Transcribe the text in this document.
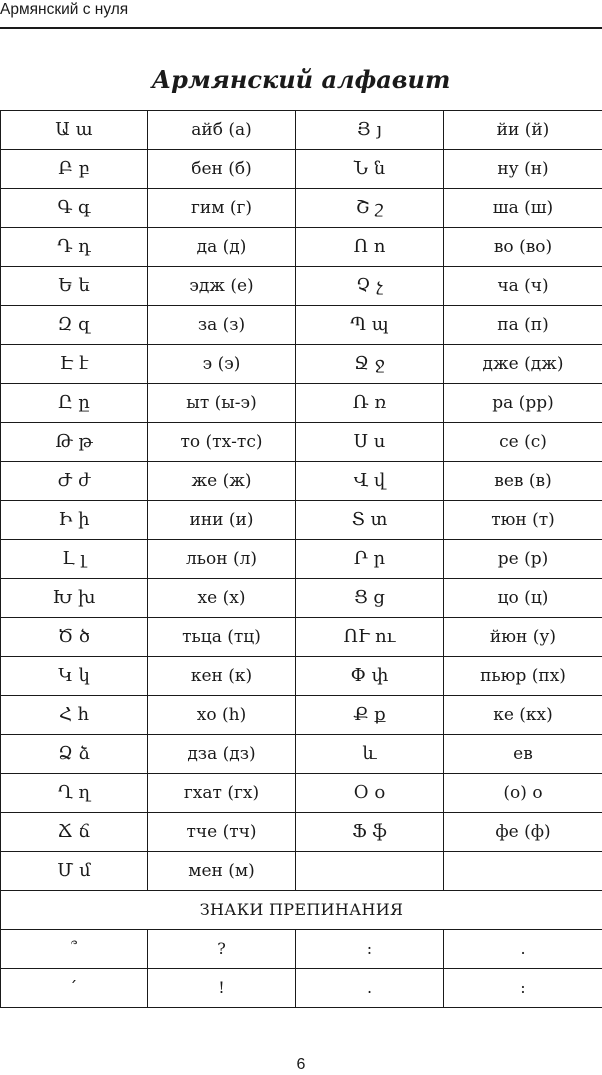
Армянский с нуля
Армянский алфавит
Ա ա	айб (а)	Յ յ	йи (й)
Բ բ	бен (б)	Ն ն	ну (н)
Գ գ	гим (г)	Շ շ	ша (ш)
Դ դ	да (д)	Ո ո	во (во)
Ե ե	эдж (е)	Չ չ	ча (ч)
Զ զ	за (з)	Պ պ	па (п)
Է է	э (э)	Ջ ջ	дже (дж)
Ը ը	ыт (ы-э)	Ռ ռ	ра (рр)
Թ թ	то (тх-тс)	Ս ս	се (с)
Ժ ժ	же (ж)	Վ վ	вев (в)
Ի ի	ини (и)	Տ տ	тюн (т)
Լ լ	льон (л)	Ր ր	ре (р)
Խ խ	хе (х)	Ց ց	цо (ц)
Ծ ծ	тьца (тц)	ՈՒ ու	йюн (у)
Կ կ	кен (к)	Փ փ	пьюр (пх)
Հ հ	хо (h)	Ք ք	ке (кх)
Ձ ձ	дза (дз)	և	ев
Ղ ղ	гхат (гх)	Օ օ	(о) о
Ճ ճ	тче (тч)	Ֆ ֆ	фе (ф)
Մ մ	мен (м)		
ЗНАКИ ПРЕПИНАНИЯ			
՞	?	։	.
՛	!	.	:
6
